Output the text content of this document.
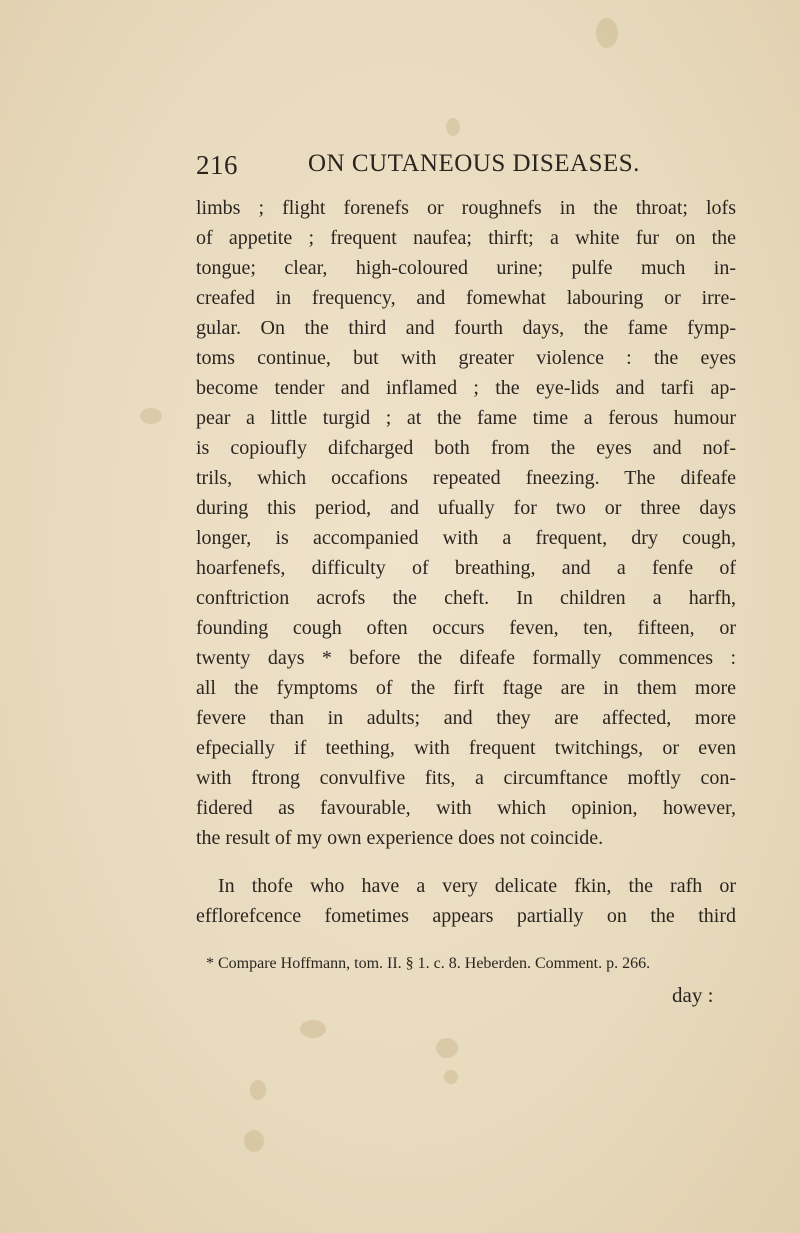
216	ON CUTANEOUS DISEASES.
limbs ; flight forenefs or roughnefs in the throat; lofs
of appetite ; frequent naufea; thirft; a white fur on the
tongue; clear, high-coloured urine; pulfe much in-
creafed in frequency, and fomewhat labouring or irre-
gular. On the third and fourth days, the fame fymp-
toms continue, but with greater violence : the eyes
become tender and inflamed ; the eye-lids and tarfi ap-
pear a little turgid ; at the fame time a ferous humour
is copioufly difcharged both from the eyes and nof-
trils, which occafions repeated fneezing. The difeafe
during this period, and ufually for two or three days
longer, is accompanied with a frequent, dry cough,
hoarfenefs, difficulty of breathing, and a fenfe of
conftriction acrofs the cheft. In children a harfh,
founding cough often occurs feven, ten, fifteen, or
twenty days * before the difeafe formally commences :
all the fymptoms of the firft ftage are in them more
fevere than in adults; and they are affected, more
efpecially if teething, with frequent twitchings, or even
with ftrong convulfive fits, a circumftance moftly con-
fidered as favourable, with which opinion, however,
the result of my own experience does not coincide.
In thofe who have a very delicate fkin, the rafh or
efflorefcence fometimes appears partially on the third
* Compare Hoffmann, tom. II. § 1. c. 8. Heberden. Comment. p. 266.
day :
